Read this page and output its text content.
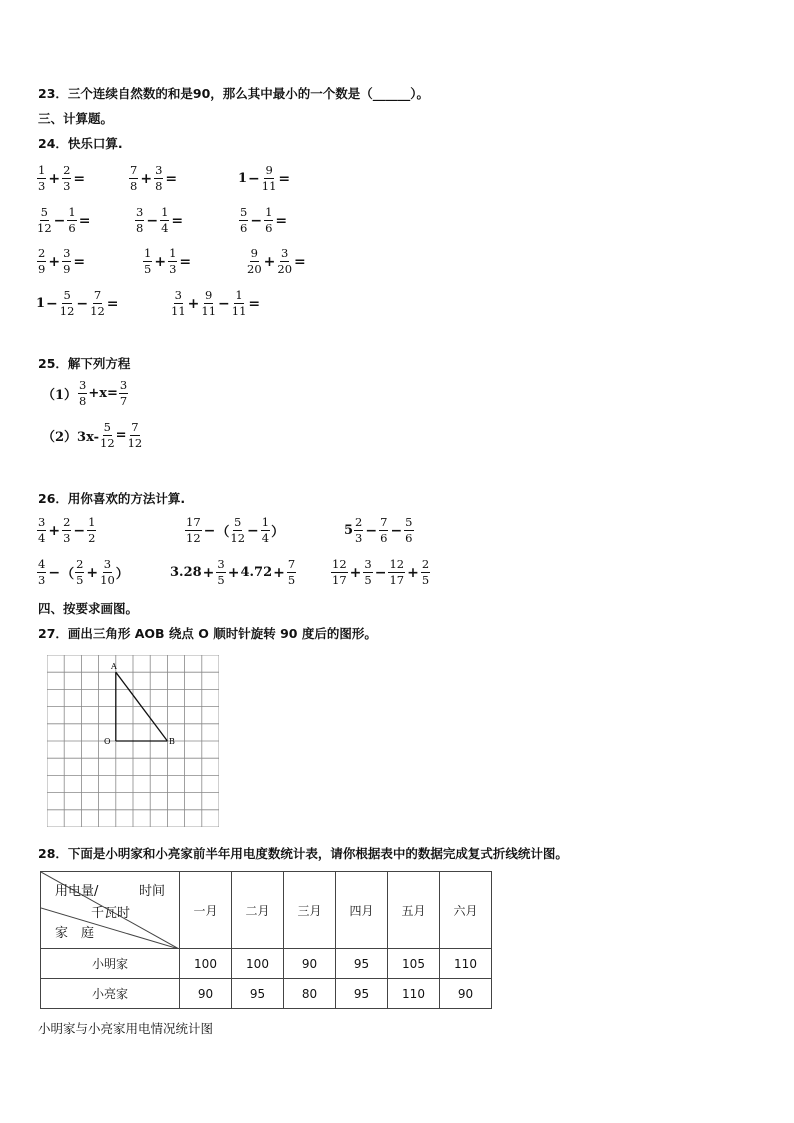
23．三个连续自然数的和是90，那么其中最小的一个数是（______）。
三、计算题。
24．快乐口算.
$\frac{1}{3} + \frac{2}{3}$ =	$\frac{7}{8} + \frac{3}{8}$ =	$1 - \frac{9}{11}$ =
$\frac{5}{12} - \frac{1}{6}$ =	$\frac{3}{8} - \frac{1}{4}$ =	$\frac{5}{6} - \frac{1}{6}$ =
$\frac{2}{9} + \frac{3}{9}$ =	$\frac{1}{5} + \frac{1}{3}$ =	$\frac{9}{20} + \frac{3}{20}$ =
$1 - \frac{5}{12} - \frac{7}{12}$ =	$\frac{3}{11} + \frac{9}{11} - \frac{1}{11}$ =
25．解下列方程
$(1) \frac{3}{8} +x= \frac{3}{7}$
$(2)3x- \frac{5}{12} = \frac{7}{12}$
26．用你喜欢的方法计算.
$\frac{3}{4} + \frac{2}{3} - \frac{1}{2}$	$\frac{17}{12}$ − （ $\frac{5}{12} - \frac{1}{4}$ ）	$5 \frac{2}{3} - \frac{7}{6} - \frac{5}{6}$
$\frac{4}{3}$ − （ $\frac{2}{5} + \frac{3}{10}$ ）	$3.28 + \frac{3}{5} + 4.72 + \frac{7}{5}$	$\frac{12}{17} + \frac{3}{5} - \frac{12}{17} + \frac{2}{5}$
四、按要求画图。
27．画出三角形 AOB 绕点 O 顺时针旋转 90 度后的图形。
A
O	B
28．下面是小明家和小亮家前半年用电度数统计表，请你根据表中的数据完成复式折线统计图。
用电量/ 时间
千瓦时
家　庭	一月	二月	三月	四月	五月	六月
小明家	100	100	90	95	105	110
小亮家	90	95	80	95	110	90
小明家与小亮家用电情况统计图
